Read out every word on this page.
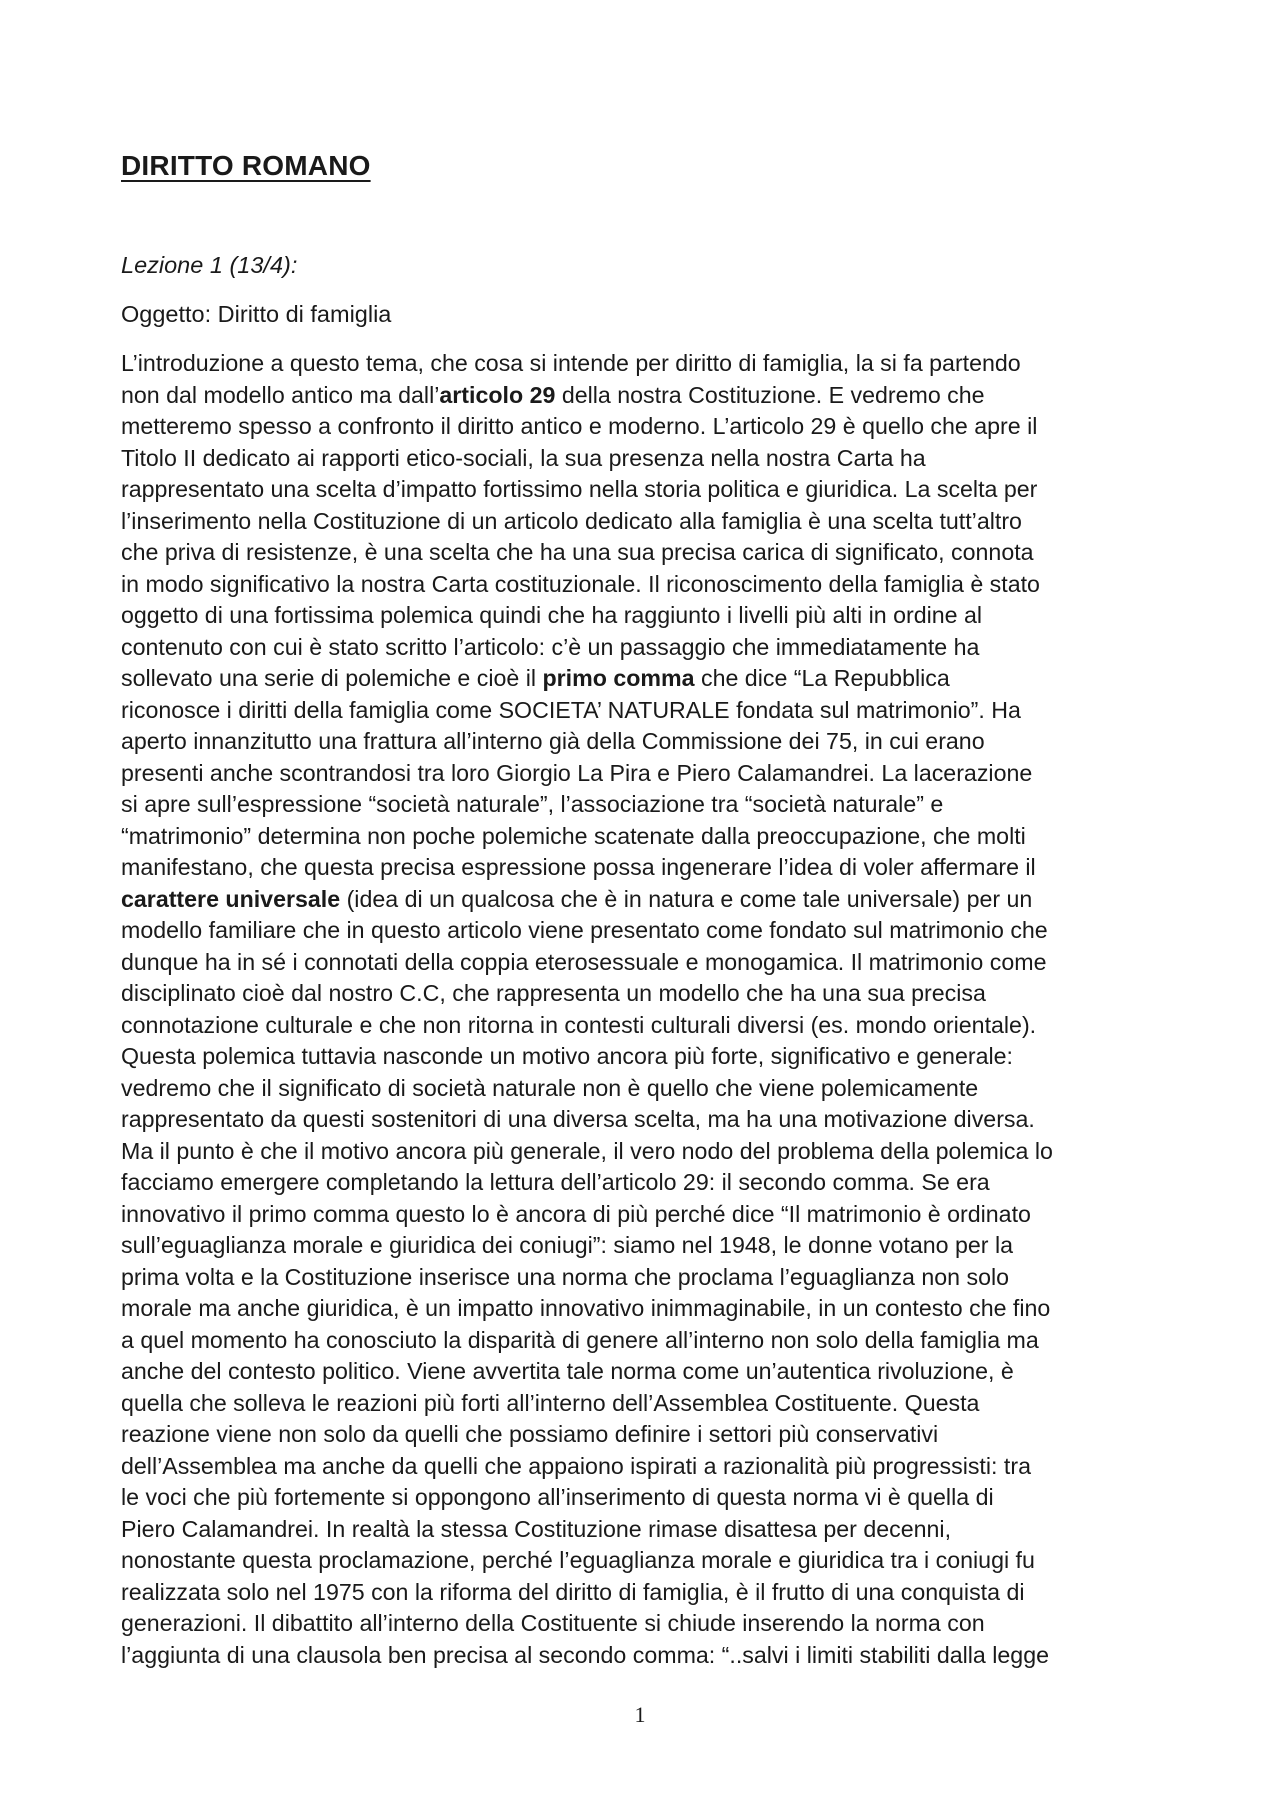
DIRITTO ROMANO

Lezione 1 (13/4):

Oggetto: Diritto di famiglia

L’introduzione a questo tema, che cosa si intende per diritto di famiglia, la si fa partendo
non dal modello antico ma dall’articolo 29 della nostra Costituzione. E vedremo che
metteremo spesso a confronto il diritto antico e moderno. L’articolo 29 è quello che apre il
Titolo II dedicato ai rapporti etico-sociali, la sua presenza nella nostra Carta ha
rappresentato una scelta d’impatto fortissimo nella storia politica e giuridica. La scelta per
l’inserimento nella Costituzione di un articolo dedicato alla famiglia è una scelta tutt’altro
che priva di resistenze, è una scelta che ha una sua precisa carica di significato, connota
in modo significativo la nostra Carta costituzionale. Il riconoscimento della famiglia è stato
oggetto di una fortissima polemica quindi che ha raggiunto i livelli più alti in ordine al
contenuto con cui è stato scritto l’articolo: c’è un passaggio che immediatamente ha
sollevato una serie di polemiche e cioè il primo comma che dice “La Repubblica
riconosce i diritti della famiglia come SOCIETA’ NATURALE fondata sul matrimonio”. Ha
aperto innanzitutto una frattura all’interno già della Commissione dei 75, in cui erano
presenti anche scontrandosi tra loro Giorgio La Pira e Piero Calamandrei. La lacerazione
si apre sull’espressione “società naturale”, l’associazione tra “società naturale” e
“matrimonio” determina non poche polemiche scatenate dalla preoccupazione, che molti
manifestano, che questa precisa espressione possa ingenerare l’idea di voler affermare il
carattere universale (idea di un qualcosa che è in natura e come tale universale) per un
modello familiare che in questo articolo viene presentato come fondato sul matrimonio che
dunque ha in sé i connotati della coppia eterosessuale e monogamica. Il matrimonio come
disciplinato cioè dal nostro C.C, che rappresenta un modello che ha una sua precisa
connotazione culturale e che non ritorna in contesti culturali diversi (es. mondo orientale).
Questa polemica tuttavia nasconde un motivo ancora più forte, significativo e generale:
vedremo che il significato di società naturale non è quello che viene polemicamente
rappresentato da questi sostenitori di una diversa scelta, ma ha una motivazione diversa.
Ma il punto è che il motivo ancora più generale, il vero nodo del problema della polemica lo
facciamo emergere completando la lettura dell’articolo 29: il secondo comma. Se era
innovativo il primo comma questo lo è ancora di più perché dice “Il matrimonio è ordinato
sull’eguaglianza morale e giuridica dei coniugi”: siamo nel 1948, le donne votano per la
prima volta e la Costituzione inserisce una norma che proclama l’eguaglianza non solo
morale ma anche giuridica, è un impatto innovativo inimmaginabile, in un contesto che fino
a quel momento ha conosciuto la disparità di genere all’interno non solo della famiglia ma
anche del contesto politico. Viene avvertita tale norma come un’autentica rivoluzione, è
quella che solleva le reazioni più forti all’interno dell’Assemblea Costituente. Questa
reazione viene non solo da quelli che possiamo definire i settori più conservativi
dell’Assemblea ma anche da quelli che appaiono ispirati a razionalità più progressisti: tra
le voci che più fortemente si oppongono all’inserimento di questa norma vi è quella di
Piero Calamandrei. In realtà la stessa Costituzione rimase disattesa per decenni,
nonostante questa proclamazione, perché l’eguaglianza morale e giuridica tra i coniugi fu
realizzata solo nel 1975 con la riforma del diritto di famiglia, è il frutto di una conquista di
generazioni. Il dibattito all’interno della Costituente si chiude inserendo la norma con
l’aggiunta di una clausola ben precisa al secondo comma: “..salvi i limiti stabiliti dalla legge
1
